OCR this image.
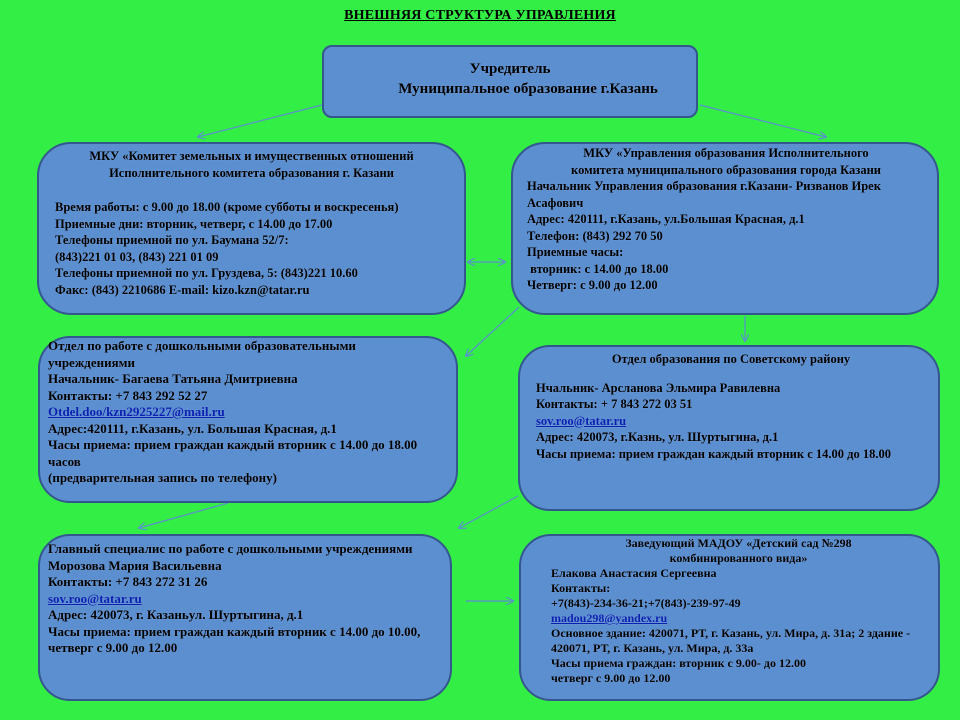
ВНЕШНЯЯ СТРУКТУРА УПРАВЛЕНИЯ
Учредитель
Муниципальное образование г.Казань
МКУ «Комитет земельных и имущественных отношений
Исполнительного комитета образования г. Казани
Время работы: с 9.00 до 18.00 (кроме субботы и воскресенья)
Приемные дни: вторник, четверг, с 14.00 до 17.00
Телефоны приемной по ул. Баумана 52/7:
(843)221 01 03, (843) 221 01 09
Телефоны приемной по ул. Груздева, 5: (843)221 10.60
Факс: (843) 2210686 E-mail: kizo.kzn@tatar.ru
МКУ «Управления образования Исполнительного
комитета муниципального образования города Казани
Начальник Управления образования г.Казани- Ризванов Ирек Асафович
Адрес: 420111, г.Казань, ул.Большая Красная, д.1
Телефон: (843) 292 70 50
Приемные часы:
вторник: с 14.00 до 18.00
Четверг: с 9.00 до 12.00
Отдел по работе с дошкольными образовательными учреждениями
Начальник- Багаева Татьяна Дмитриевна
Контакты: +7 843 292 52 27
Otdel.doo/kzn2925227@mail.ru
Адрес:420111, г.Казань, ул. Большая Красная, д.1
Часы приема: прием граждан каждый вторник с 14.00 до 18.00 часов
(предварительная запись по телефону)
Отдел образования по Советскому району
Нчальник- Арсланова Эльмира Равилевна
Контакты: + 7 843 272 03 51
sov.roo@tatar.ru
Адрес: 420073, г.Казнь, ул. Шуртыгина, д.1
Часы приема: прием граждан каждый вторник с 14.00 до 18.00
Главный специалис по работе с дошкольными учреждениями
Морозова Мария Васильевна
Контакты: +7 843 272 31 26
sov.roo@tatar.ru
Адрес: 420073, г. Казаньул. Шуртыгина, д.1
Часы приема: прием граждан каждый вторник с 14.00 до 10.00,
четверг с 9.00 до 12.00
Заведующий МАДОУ «Детский сад №298
комбинированного вида»
Елакова Анастасия Сергеевна
Контакты:
+7(843)-234-36-21;+7(843)-239-97-49
madou298@yandex.ru
Основное здание: 420071, РТ, г. Казань, ул. Мира, д. 31а; 2 здание - 420071, РТ, г. Казань, ул. Мира, д. 33а
Часы приема граждан: вторник с 9.00- до 12.00
четверг с 9.00 до 12.00
